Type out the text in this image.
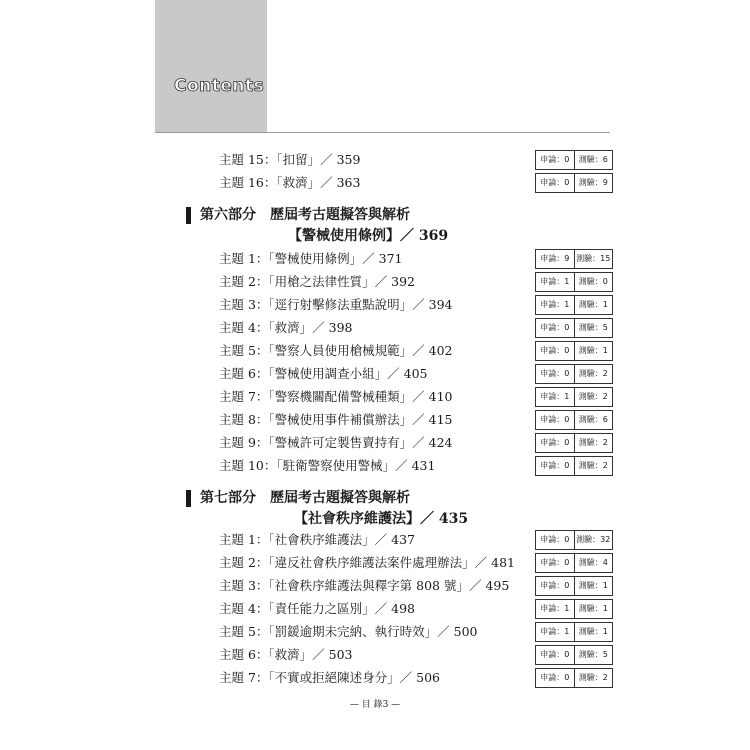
Contents
主題 15：「扣留」／ 359	申論：0	測驗：6
主題 16：「救濟」／ 363	申論：0	測驗：9
第六部分　歷屆考古題擬答與解析
【警械使用條例】／ 369
主題 1：「警械使用條例」／ 371	申論：9 測驗：15
主題 2：「用槍之法律性質」／ 392	申論：1	測驗：0
主題 3：「逕行射擊修法重點說明」／ 394	申論：1	測驗：1
主題 4：「救濟」／ 398	申論：0	測驗：5
主題 5：「警察人員使用槍械規範」／ 402	申論：0	測驗：1
主題 6：「警械使用調查小組」／ 405	申論：0	測驗：2
主題 7：「警察機關配備警械種類」／ 410	申論：1	測驗：2
主題 8：「警械使用事件補償辦法」／ 415	申論：0	測驗：6
主題 9：「警械許可定製售賣持有」／ 424	申論：0	測驗：2
主題 10：「駐衛警察使用警械」／ 431	申論：0	測驗：2
第七部分　歷屆考古題擬答與解析
【社會秩序維護法】／ 435
主題 1：「社會秩序維護法」／ 437	申論：0 測驗：32
主題 2：「違反社會秩序維護法案件處理辦法」／ 481	申論：0	測驗：4
主題 3：「社會秩序維護法與釋字第 808 號」／ 495	申論：0	測驗：1
主題 4：「責任能力之區別」／ 498	申論：1	測驗：1
主題 5：「罰鍰逾期未完納、執行時效」／ 500	申論：1	測驗：1
主題 6：「救濟」／ 503	申論：0	測驗：5
主題 7：「不實或拒絕陳述身分」／ 506	申論：0	測驗：2
— 目 錄3 —
